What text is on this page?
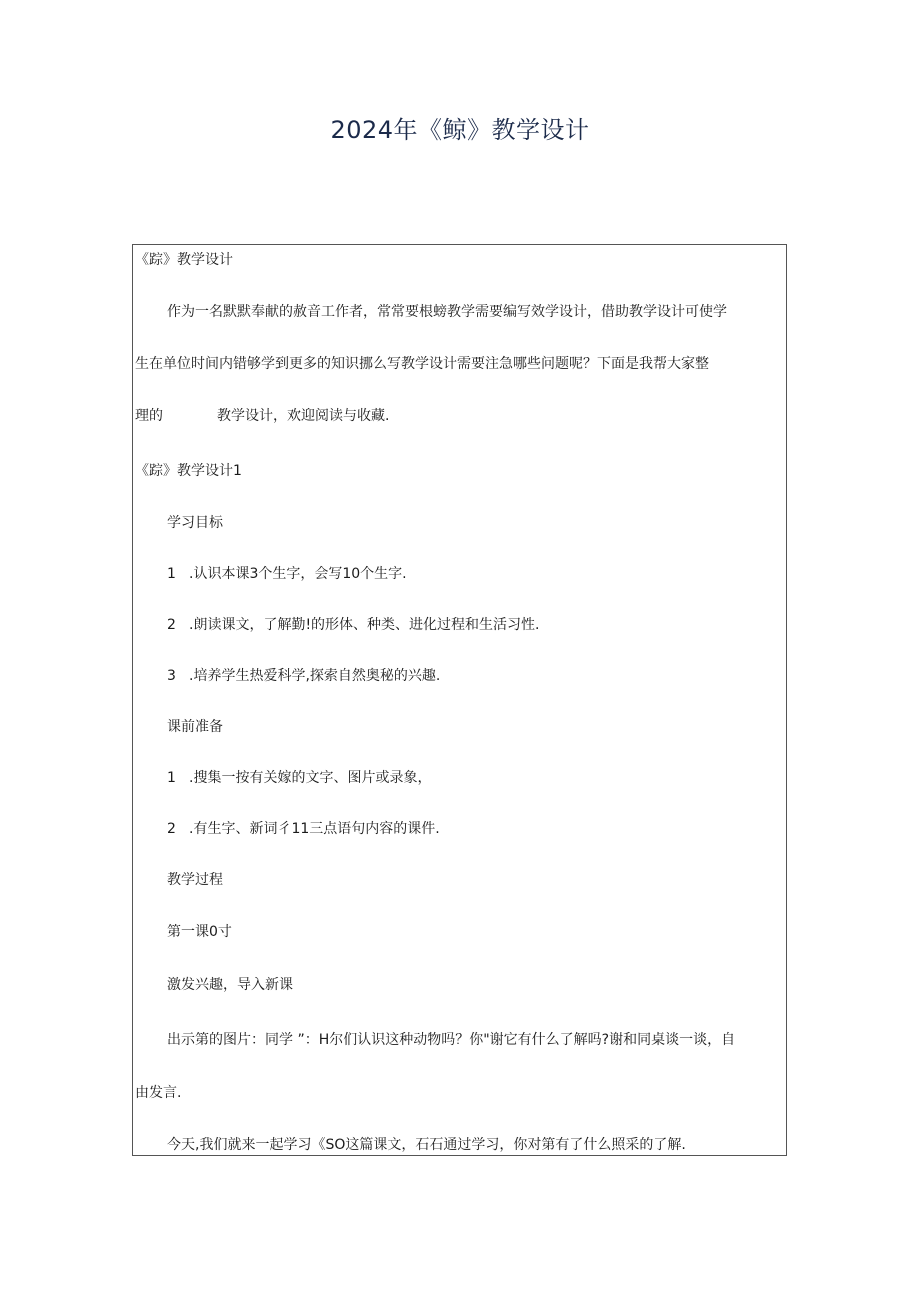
2024年《鲸》教学设计
《踪》教学设计
作为一名默默奉献的赦音工作者，常常要根螃教学需要编写效学设计，借助教学设计可使学
生在单位时间内错够学到更多的知识挪么写教学设计需要注急哪些问题呢？下面是我帮大家整
理的	教学设计，欢迎阅读与收藏.
《踪》教学设计1
学习目标
1 .认识本课3个生字，会写10个生字.
2 .朗读课文，了解勤!的形体、种类、进化过程和生活习性.
3 .培养学生热爱科学,探索自然奥秘的兴趣.
课前准备
1 .搜集一按有关嫁的文字、图片或录象，
2 .有生字、新词彳11三点语句内容的课件.
教学过程
第一课0寸
激发兴趣，导入新课
出示第的图片：同学 ”：H尔们认识这种动物吗？你"谢它有什么了解吗?谢和同桌谈一谈，自
由发言.
今天,我们就来一起学习《SO这篇课文，石石通过学习，你对第有了什么照采的了解.
